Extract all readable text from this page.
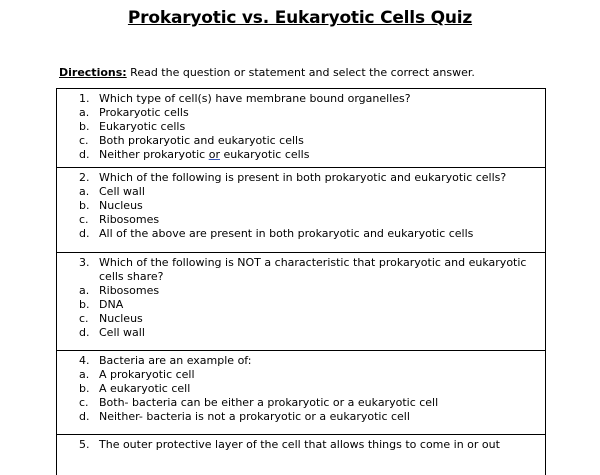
Prokaryotic vs. Eukaryotic Cells Quiz
Directions: Read the question or statement and select the correct answer.
1. Which type of cell(s) have membrane bound organelles?
a. Prokaryotic cells
b. Eukaryotic cells
c. Both prokaryotic and eukaryotic cells
d. Neither prokaryotic or eukaryotic cells
2. Which of the following is present in both prokaryotic and eukaryotic cells?
a. Cell wall
b. Nucleus
c. Ribosomes
d. All of the above are present in both prokaryotic and eukaryotic cells
3. Which of the following is NOT a characteristic that prokaryotic and eukaryotic cells share?
a. Ribosomes
b. DNA
c. Nucleus
d. Cell wall
4. Bacteria are an example of:
a. A prokaryotic cell
b. A eukaryotic cell
c. Both- bacteria can be either a prokaryotic or a eukaryotic cell
d. Neither- bacteria is not a prokaryotic or a eukaryotic cell
5. The outer protective layer of the cell that allows things to come in or out
